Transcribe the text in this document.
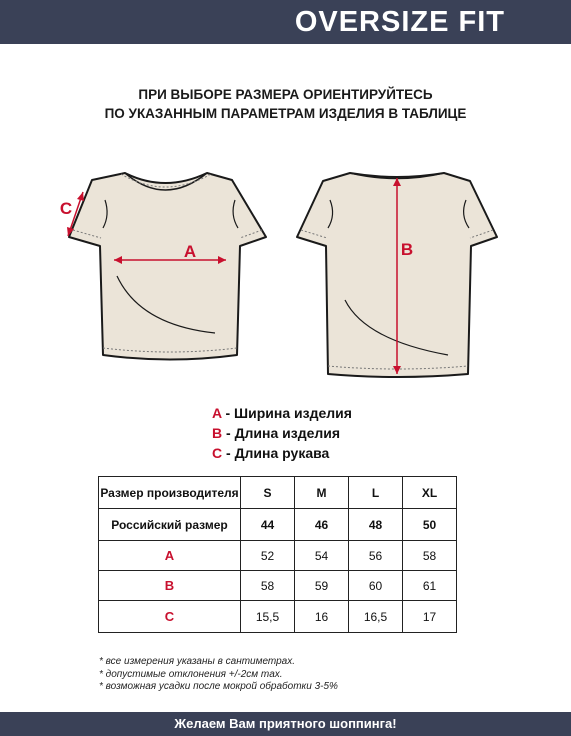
OVERSIZE FIT
ПРИ ВЫБОРЕ РАЗМЕРА ОРИЕНТИРУЙТЕСЬ
ПО УКАЗАННЫМ ПАРАМЕТРАМ ИЗДЕЛИЯ В ТАБЛИЦЕ
A
C
B
A - Ширина изделия
B - Длина изделия
C - Длина рукава
Размер производителя	S	M	L	XL
Российский размер	44	46	48	50
A	52	54	56	58
B	58	59	60	61
C	15,5	16	16,5	17
* все измерения указаны в сантиметрах.
* допустимые отклонения +/-2см max.
* возможная усадки после мокрой обработки 3-5%
Желаем Вам приятного шоппинга!
